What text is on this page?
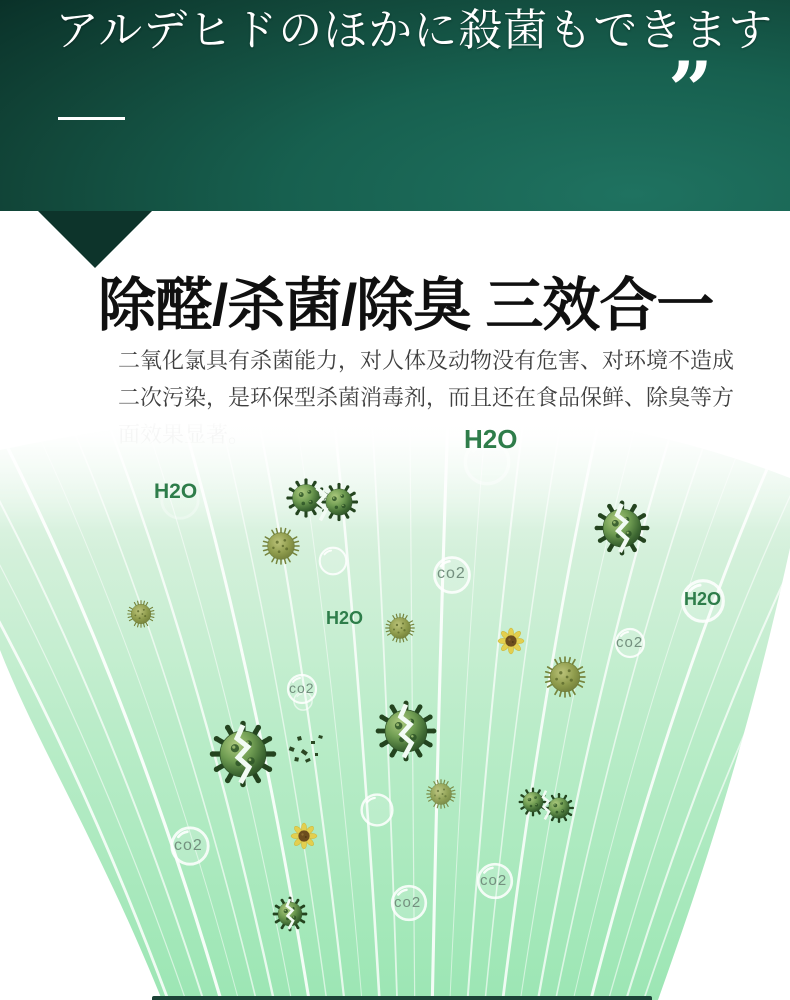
アルデヒドのほかに殺菌もできます
”
除醛/杀菌/除臭 三效合一
二氧化氯具有杀菌能力，对人体及动物没有危害、对环境不造成
二次污染，是环保型杀菌消毒剂，而且还在食品保鲜、除臭等方
H2O
H2O
H2O
H2O
co2
co2
co2
co2
co2
co2
